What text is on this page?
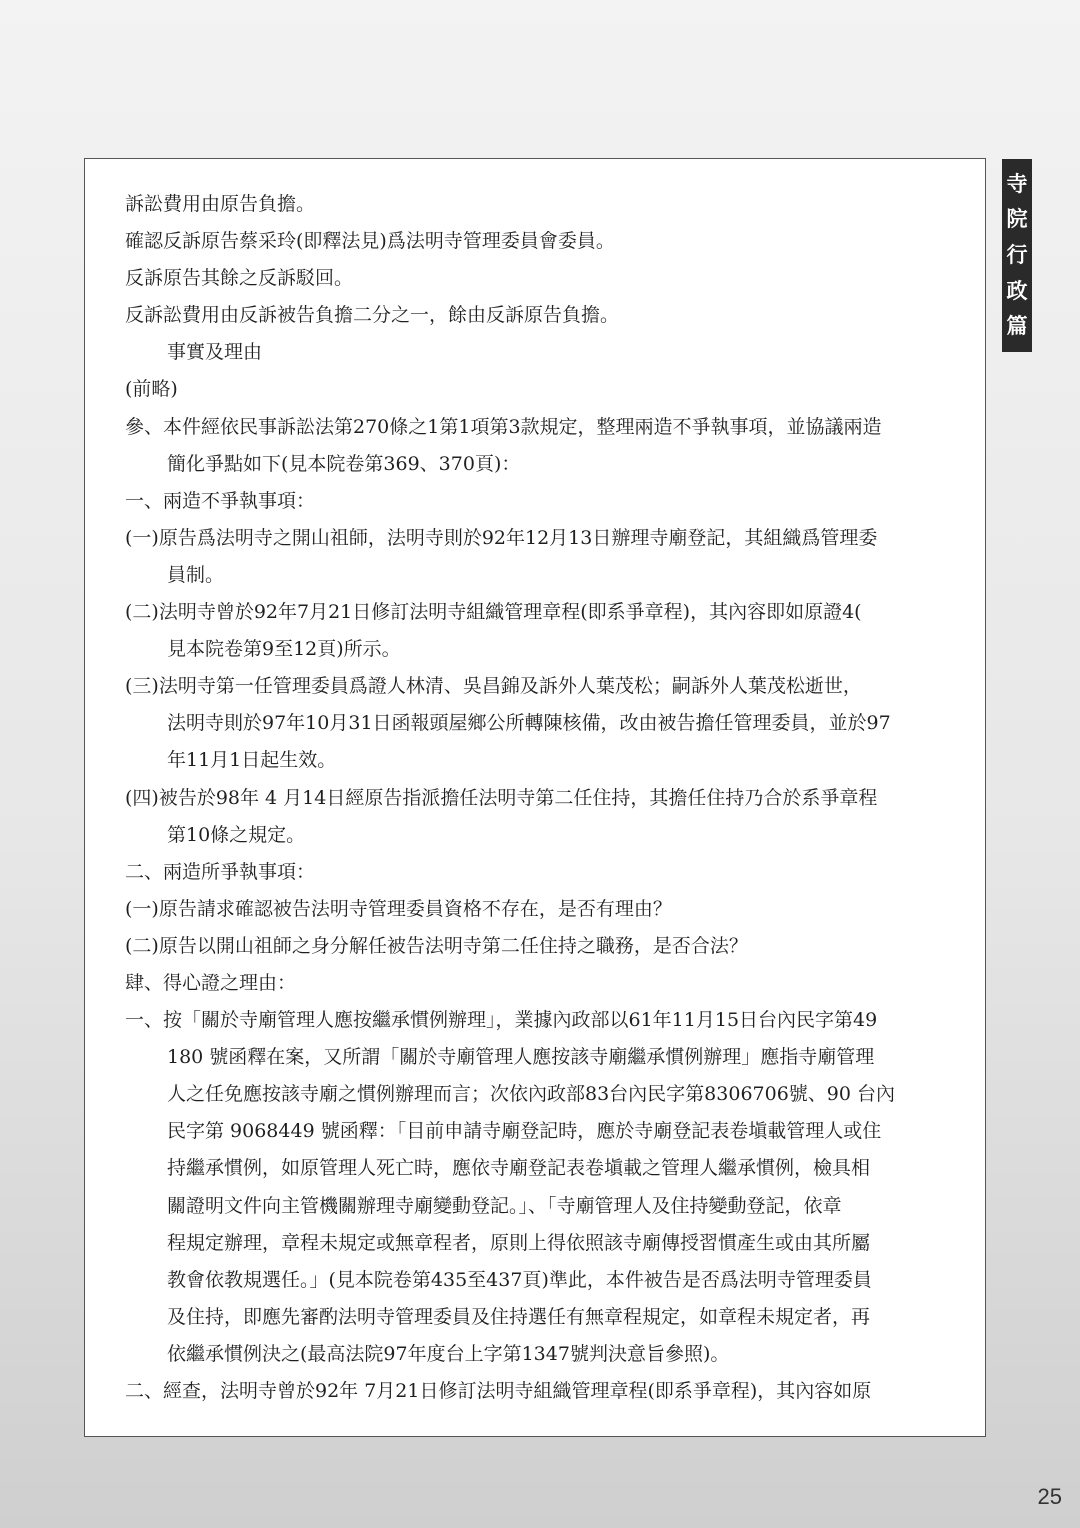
訴訟費用由原告負擔。
確認反訴原告蔡采玲(即釋法見)爲法明寺管理委員會委員。
反訴原告其餘之反訴駁回。
反訴訟費用由反訴被告負擔二分之一，餘由反訴原告負擔。
事實及理由
(前略)
參、本件經依民事訴訟法第270條之1第1項第3款規定，整理兩造不爭執事項，並協議兩造
簡化爭點如下(見本院卷第369、370頁)：
一、兩造不爭執事項：
(一)原告爲法明寺之開山祖師，法明寺則於92年12月13日辦理寺廟登記，其組織爲管理委
員制。
(二)法明寺曾於92年7月21日修訂法明寺組織管理章程(即系爭章程)，其內容即如原證4(
見本院卷第9至12頁)所示。
(三)法明寺第一任管理委員爲證人林清、吳昌錦及訴外人葉茂松；嗣訴外人葉茂松逝世，
法明寺則於97年10月31日函報頭屋鄉公所轉陳核備，改由被告擔任管理委員，並於97
年11月1日起生效。
(四)被告於98年 4 月14日經原告指派擔任法明寺第二任住持，其擔任住持乃合於系爭章程
第10條之規定。
二、兩造所爭執事項：
(一)原告請求確認被告法明寺管理委員資格不存在，是否有理由？
(二)原告以開山祖師之身分解任被告法明寺第二任住持之職務，是否合法？
肆、得心證之理由：
一、按「關於寺廟管理人應按繼承慣例辦理」，業據內政部以61年11月15日台內民字第49
180 號函釋在案，又所謂「關於寺廟管理人應按該寺廟繼承慣例辦理」應指寺廟管理
人之任免應按該寺廟之慣例辦理而言；次依內政部83台內民字第8306706號、90 台內
民字第 9068449 號函釋：「目前申請寺廟登記時，應於寺廟登記表卷塡載管理人或住
持繼承慣例，如原管理人死亡時，應依寺廟登記表卷塡載之管理人繼承慣例，檢具相
關證明文件向主管機關辦理寺廟變動登記。」、「寺廟管理人及住持變動登記，依章
程規定辦理，章程未規定或無章程者，原則上得依照該寺廟傳授習慣產生或由其所屬
教會依教規選任。」(見本院卷第435至437頁)準此，本件被告是否爲法明寺管理委員
及住持，即應先審酌法明寺管理委員及住持選任有無章程規定，如章程未規定者，再
依繼承慣例決之(最高法院97年度台上字第1347號判決意旨參照)。
二、經查，法明寺曾於92年 7月21日修訂法明寺組織管理章程(即系爭章程)，其內容如原
寺
院
行
政
篇
25
